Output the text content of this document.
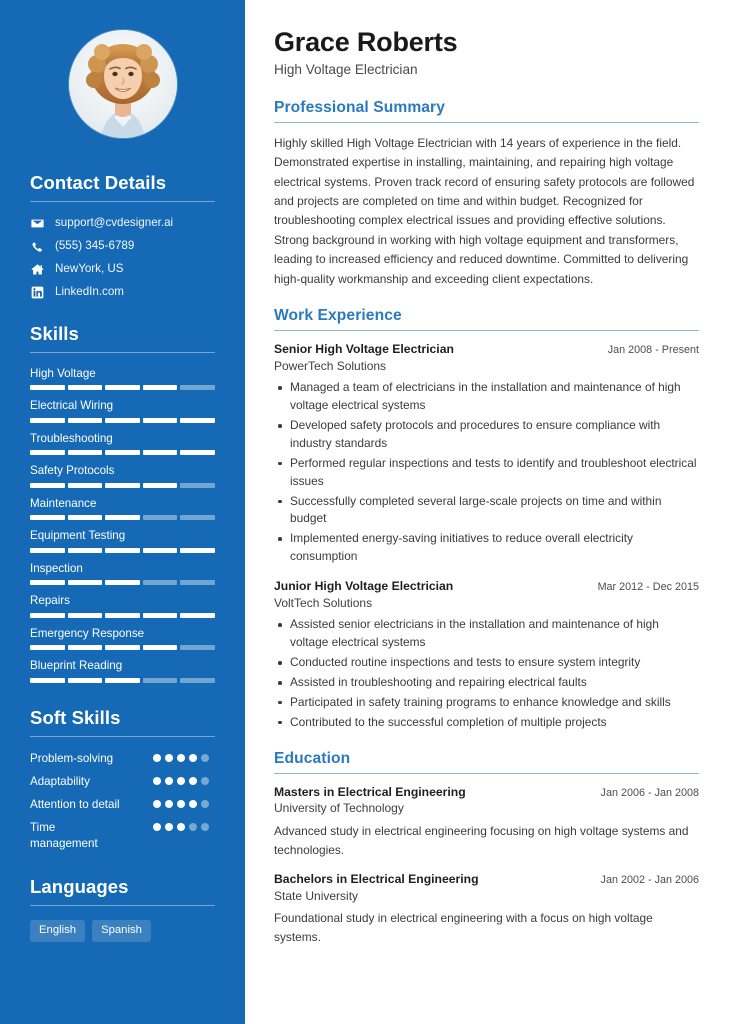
Contact Details
support@cvdesigner.ai
(555) 345-6789
NewYork, US
LinkedIn.com
Skills
High Voltage
Electrical Wiring
Troubleshooting
Safety Protocols
Maintenance
Equipment Testing
Inspection
Repairs
Emergency Response
Blueprint Reading
Soft Skills
Problem-solving
Adaptability
Attention to detail
Time management
Languages
English	Spanish
Grace Roberts
High Voltage Electrician
Professional Summary

Highly skilled High Voltage Electrician with 14 years of experience in the field. Demonstrated expertise in installing, maintaining, and repairing high voltage electrical systems. Proven track record of ensuring safety protocols are followed and projects are completed on time and within budget. Recognized for troubleshooting complex electrical issues and providing effective solutions. Strong background in working with high voltage equipment and transformers, leading to increased efficiency and reduced downtime. Committed to delivering high-quality workmanship and exceeding client expectations.

Work Experience
Senior High Voltage Electrician	Jan 2008 - Present
PowerTech Solutions
Managed a team of electricians in the installation and maintenance of high voltage electrical systems
Developed safety protocols and procedures to ensure compliance with industry standards
Performed regular inspections and tests to identify and troubleshoot electrical issues
Successfully completed several large-scale projects on time and within budget
Implemented energy-saving initiatives to reduce overall electricity consumption
Junior High Voltage Electrician	Mar 2012 - Dec 2015
VoltTech Solutions
Assisted senior electricians in the installation and maintenance of high voltage electrical systems
Conducted routine inspections and tests to ensure system integrity
Assisted in troubleshooting and repairing electrical faults
Participated in safety training programs to enhance knowledge and skills
Contributed to the successful completion of multiple projects
Education
Masters in Electrical Engineering	Jan 2006 - Jan 2008
University of Technology
Advanced study in electrical engineering focusing on high voltage systems and technologies.
Bachelors in Electrical Engineering	Jan 2002 - Jan 2006
State University
Foundational study in electrical engineering with a focus on high voltage systems.
